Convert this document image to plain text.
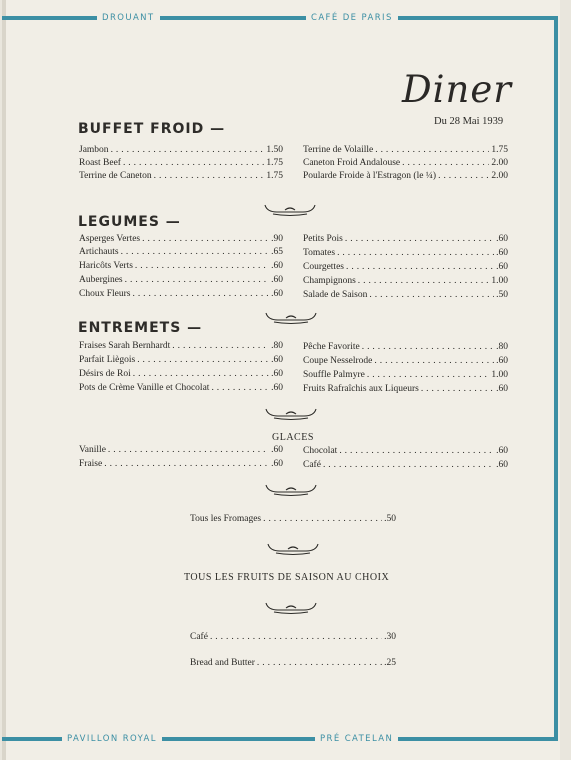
DROUANT	CAFÉ DE PARIS
PAVILLON ROYAL	PRÉ CATELAN
Diner
Du 28 Mai 1939
BUFFET FROID —
Jambon . . .	1.50
Roast Beef . . .	1.75
Terrine de Caneton . . .	1.75
Terrine de Volaille . . .	1.75
Caneton Froid Andalouse . . .	2.00
Poularde Froide à l'Estragon (le ¼) . . .	2.00
LEGUMES —
Asperges Vertes . . .	.90
Artichauts . . .	.65
Haricôts Verts . . .	.60
Aubergines . . .	.60
Choux Fleurs . . .	.60
Petits Pois . . .	.60
Tomates . . .	.60
Courgettes . . .	.60
Champignons . . .	1.00
Salade de Saison . . .	.50
ENTREMETS —
Fraises Sarah Bernhardt . . .	.80
Parfait Liègois . . .	.60
Désirs de Roi . . .	.60
Pots de Crème Vanille et Chocolat . . .	.60
Pêche Favorite . . .	.80
Coupe Nesselrode . . .	.60
Souffle Palmyre . . .	1.00
Fruits Rafraîchis aux Liqueurs . . .	.60
GLACES
Vanille . . .	.60
Fraise . . .	.60
Chocolat . . .	.60
Café . . .	.60
Tous les Fromages . . .	.50
TOUS LES FRUITS DE SAISON AU CHOIX
Café . . .	.30
Bread and Butter . . .	.25
